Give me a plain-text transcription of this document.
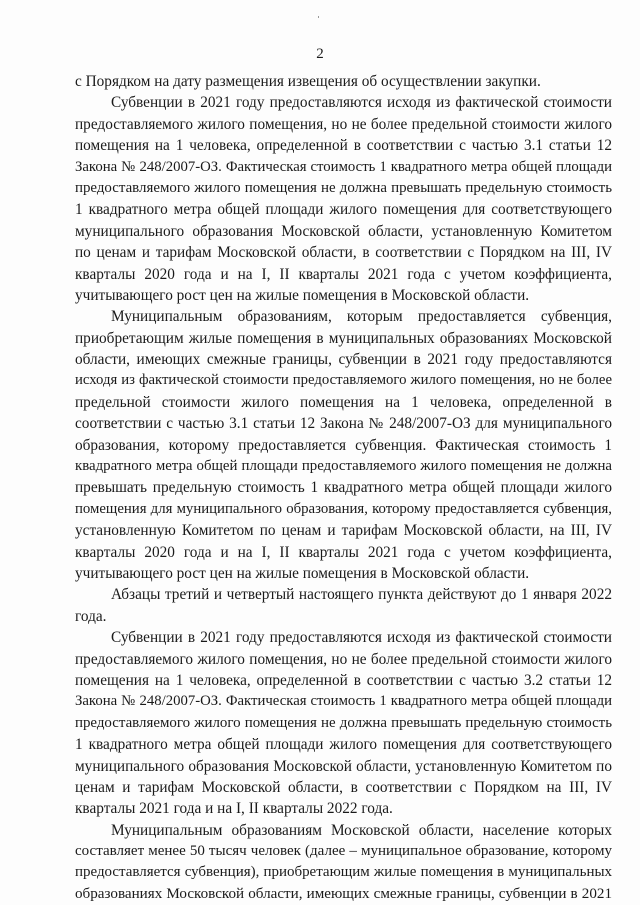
2
с Порядком на дату размещения извещения об осуществлении закупки.
Субвенции в 2021 году предоставляются исходя из фактической стоимости
предоставляемого жилого помещения, но не более предельной стоимости жилого
помещения на 1 человека, определенной в соответствии с частью 3.1 статьи 12
Закона № 248/2007-ОЗ. Фактическая стоимость 1 квадратного метра общей площади
предоставляемого жилого помещения не должна превышать предельную стоимость
1 квадратного метра общей площади жилого помещения для соответствующего
муниципального образования Московской области, установленную Комитетом
по ценам и тарифам Московской области, в соответствии с Порядком на III, IV
кварталы 2020 года и на I, II кварталы 2021 года с учетом коэффициента,
учитывающего рост цен на жилые помещения в Московской области.
Муниципальным образованиям, которым предоставляется субвенция,
приобретающим жилые помещения в муниципальных образованиях Московской
области, имеющих смежные границы, субвенции в 2021 году предоставляются
исходя из фактической стоимости предоставляемого жилого помещения, но не более
предельной стоимости жилого помещения на 1 человека, определенной в
соответствии с частью 3.1 статьи 12 Закона № 248/2007-ОЗ для муниципального
образования, которому предоставляется субвенция. Фактическая стоимость 1
квадратного метра общей площади предоставляемого жилого помещения не должна
превышать предельную стоимость 1 квадратного метра общей площади жилого
помещения для муниципального образования, которому предоставляется субвенция,
установленную Комитетом по ценам и тарифам Московской области, на III, IV
кварталы 2020 года и на I, II кварталы 2021 года с учетом коэффициента,
учитывающего рост цен на жилые помещения в Московской области.
Абзацы третий и четвертый настоящего пункта действуют до 1 января 2022
года.
Субвенции в 2021 году предоставляются исходя из фактической стоимости
предоставляемого жилого помещения, но не более предельной стоимости жилого
помещения на 1 человека, определенной в соответствии с частью 3.2 статьи 12
Закона № 248/2007-ОЗ. Фактическая стоимость 1 квадратного метра общей площади
предоставляемого жилого помещения не должна превышать предельную стоимость
1 квадратного метра общей площади жилого помещения для соответствующего
муниципального образования Московской области, установленную Комитетом по
ценам и тарифам Московской области, в соответствии с Порядком на III, IV
кварталы 2021 года и на I, II кварталы 2022 года.
Муниципальным образованиям Московской области, население которых
составляет менее 50 тысяч человек (далее – муниципальное образование, которому
предоставляется субвенция), приобретающим жилые помещения в муниципальных
образованиях Московской области, имеющих смежные границы, субвенции в 2021
